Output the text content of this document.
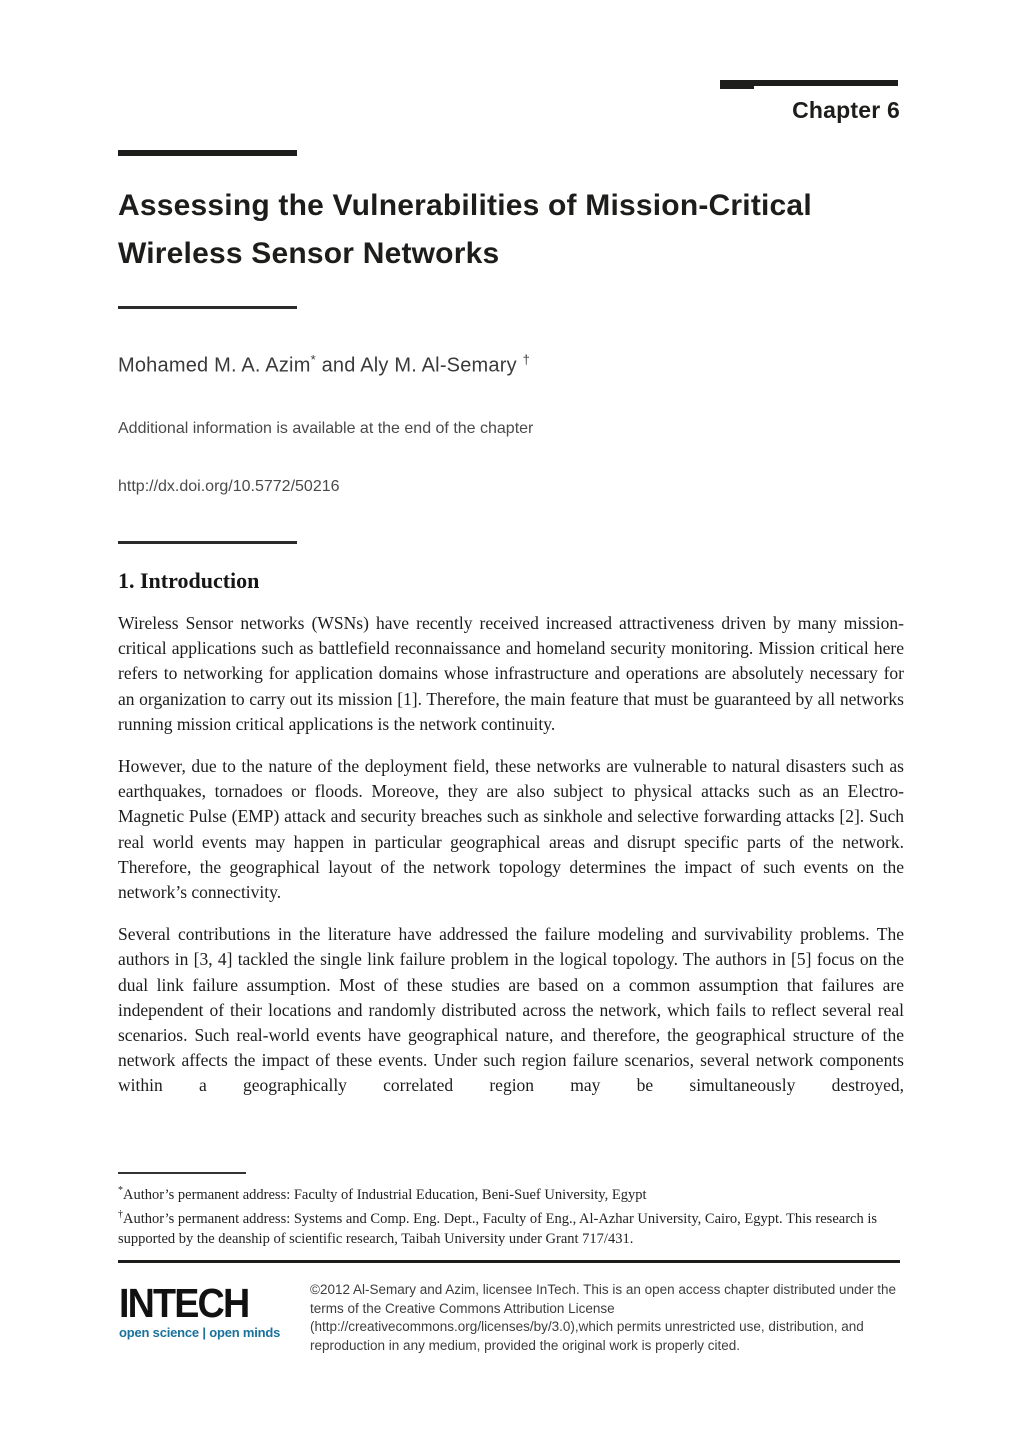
Chapter 6
Assessing the Vulnerabilities of Mission-Critical
Wireless Sensor Networks
Mohamed M. A. Azim* and Aly M. Al-Semary †
Additional information is available at the end of the chapter
http://dx.doi.org/10.5772/50216
1. Introduction

Wireless Sensor networks (WSNs) have recently received increased attractiveness driven by many mission-critical applications such as battlefield reconnaissance and homeland security monitoring. Mission critical here refers to networking for application domains whose infrastructure and operations are absolutely necessary for an organization to carry out its mission [1]. Therefore, the main feature that must be guaranteed by all networks running mission critical applications is the network continuity.

However, due to the nature of the deployment field, these networks are vulnerable to natural disasters such as earthquakes, tornadoes or floods. Moreove, they are also subject to physical attacks such as an Electro-Magnetic Pulse (EMP) attack and security breaches such as sinkhole and selective forwarding attacks [2]. Such real world events may happen in particular geographical areas and disrupt specific parts of the network. Therefore, the geographical layout of the network topology determines the impact of such events on the network’s connectivity.

Several contributions in the literature have addressed the failure modeling and survivability problems. The authors in [3, 4] tackled the single link failure problem in the logical topology. The authors in [5] focus on the dual link failure assumption. Most of these studies are based on a common assumption that failures are independent of their locations and randomly distributed across the network, which fails to reflect several real scenarios. Such real-world events have geographical nature, and therefore, the geographical structure of the network affects the impact of these events. Under such region failure scenarios, several network components within a geographically correlated region may be simultaneously destroyed,

*Author’s permanent address: Faculty of Industrial Education, Beni-Suef University, Egypt
†Author’s permanent address: Systems and Comp. Eng. Dept., Faculty of Eng., Al-Azhar University, Cairo, Egypt. This research is supported by the deanship of scientific research, Taibah University under Grant 717/431.
INTECH
open science | open minds
©2012 Al-Semary and Azim, licensee InTech. This is an open access chapter distributed under the terms of the Creative Commons Attribution License (http://creativecommons.org/licenses/by/3.0),which permits unrestricted use, distribution, and reproduction in any medium, provided the original work is properly cited.
